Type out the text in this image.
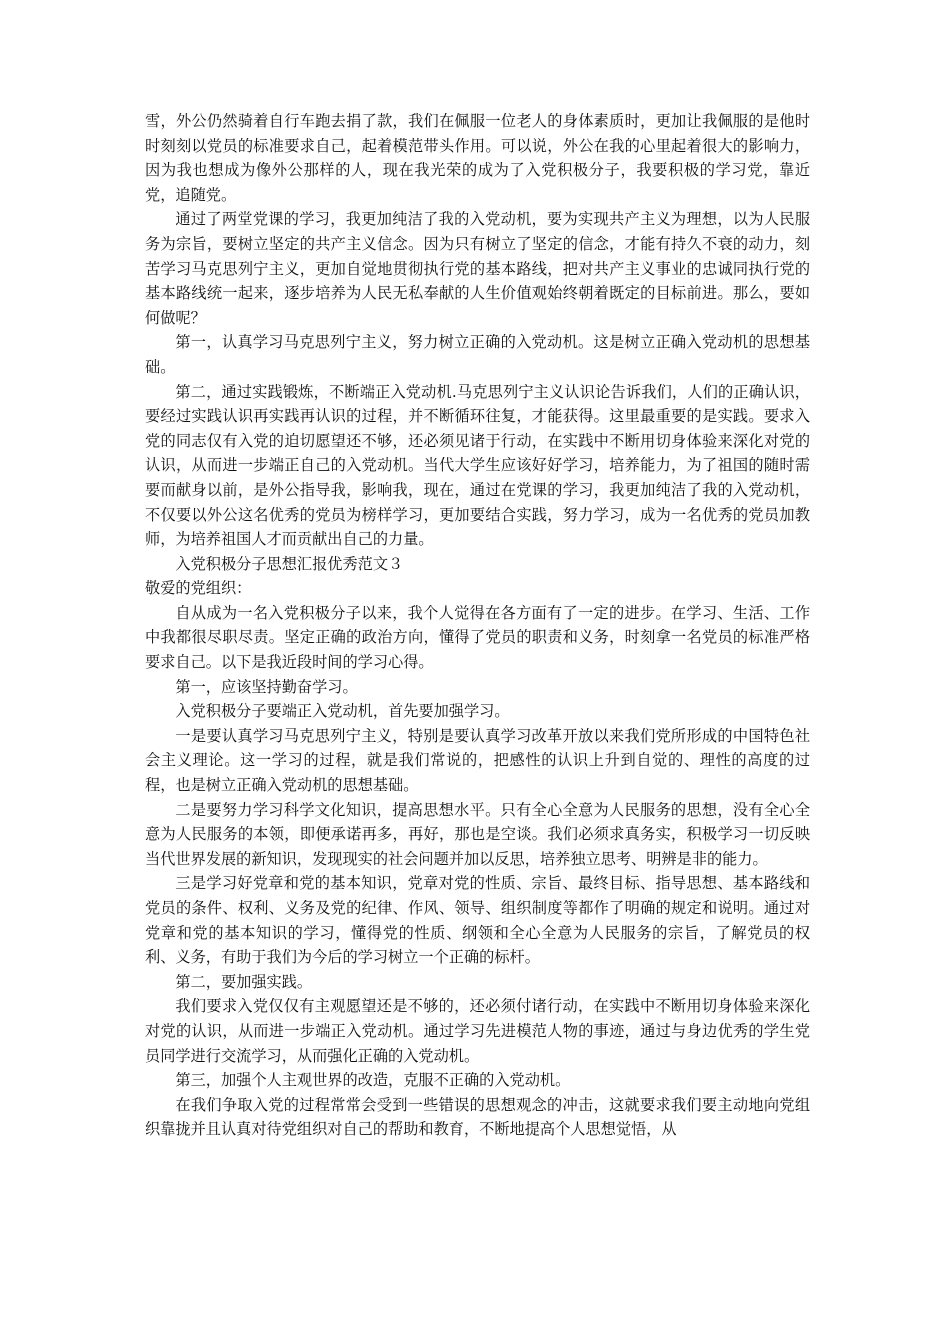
雪，外公仍然骑着自行车跑去捐了款，我们在佩服一位老人的身体素质时，更加让我佩服的是他时时刻刻以党员的标准要求自己，起着模范带头作用。可以说，外公在我的心里起着很大的影响力，因为我也想成为像外公那样的人，现在我光荣的成为了入党积极分子，我要积极的学习党，靠近党，追随党。

通过了两堂党课的学习，我更加纯洁了我的入党动机，要为实现共产主义为理想，以为人民服务为宗旨，要树立坚定的共产主义信念。因为只有树立了坚定的信念，才能有持久不衰的动力，刻苦学习马克思列宁主义，更加自觉地贯彻执行党的基本路线，把对共产主义事业的忠诚同执行党的基本路线统一起来，逐步培养为人民无私奉献的人生价值观始终朝着既定的目标前进。那么，要如何做呢？

第一，认真学习马克思列宁主义，努力树立正确的入党动机。这是树立正确入党动机的思想基础。

第二，通过实践锻炼，不断端正入党动机.马克思列宁主义认识论告诉我们，人们的正确认识，要经过实践认识再实践再认识的过程，并不断循环往复，才能获得。这里最重要的是实践。要求入党的同志仅有入党的迫切愿望还不够，还必须见诸于行动，在实践中不断用切身体验来深化对党的认识，从而进一步端正自己的入党动机。当代大学生应该好好学习，培养能力，为了祖国的随时需要而献身以前，是外公指导我，影响我，现在，通过在党课的学习，我更加纯洁了我的入党动机，不仅要以外公这名优秀的党员为榜样学习，更加要结合实践，努力学习，成为一名优秀的党员加教师，为培养祖国人才而贡献出自己的力量。

入党积极分子思想汇报优秀范文３

敬爱的党组织：

自从成为一名入党积极分子以来，我个人觉得在各方面有了一定的进步。在学习、生活、工作中我都很尽职尽责。坚定正确的政治方向，懂得了党员的职责和义务，时刻拿一名党员的标准严格要求自己。以下是我近段时间的学习心得。

第一，应该坚持勤奋学习。

入党积极分子要端正入党动机，首先要加强学习。

一是要认真学习马克思列宁主义，特别是要认真学习改革开放以来我们党所形成的中国特色社会主义理论。这一学习的过程，就是我们常说的，把感性的认识上升到自觉的、理性的高度的过程，也是树立正确入党动机的思想基础。

二是要努力学习科学文化知识，提高思想水平。只有全心全意为人民服务的思想，没有全心全意为人民服务的本领，即便承诺再多，再好，那也是空谈。我们必须求真务实，积极学习一切反映当代世界发展的新知识，发现现实的社会问题并加以反思，培养独立思考、明辨是非的能力。

三是学习好党章和党的基本知识，党章对党的性质、宗旨、最终目标、指导思想、基本路线和党员的条件、权利、义务及党的纪律、作风、领导、组织制度等都作了明确的规定和说明。通过对党章和党的基本知识的学习，懂得党的性质、纲领和全心全意为人民服务的宗旨，了解党员的权利、义务，有助于我们为今后的学习树立一个正确的标杆。

第二，要加强实践。

我们要求入党仅仅有主观愿望还是不够的，还必须付诸行动，在实践中不断用切身体验来深化对党的认识，从而进一步端正入党动机。通过学习先进模范人物的事迹，通过与身边优秀的学生党员同学进行交流学习，从而强化正确的入党动机。

第三，加强个人主观世界的改造，克服不正确的入党动机。

在我们争取入党的过程常常会受到一些错误的思想观念的冲击，这就要求我们要主动地向党组织靠拢并且认真对待党组织对自己的帮助和教育，不断地提高个人思想觉悟，从
